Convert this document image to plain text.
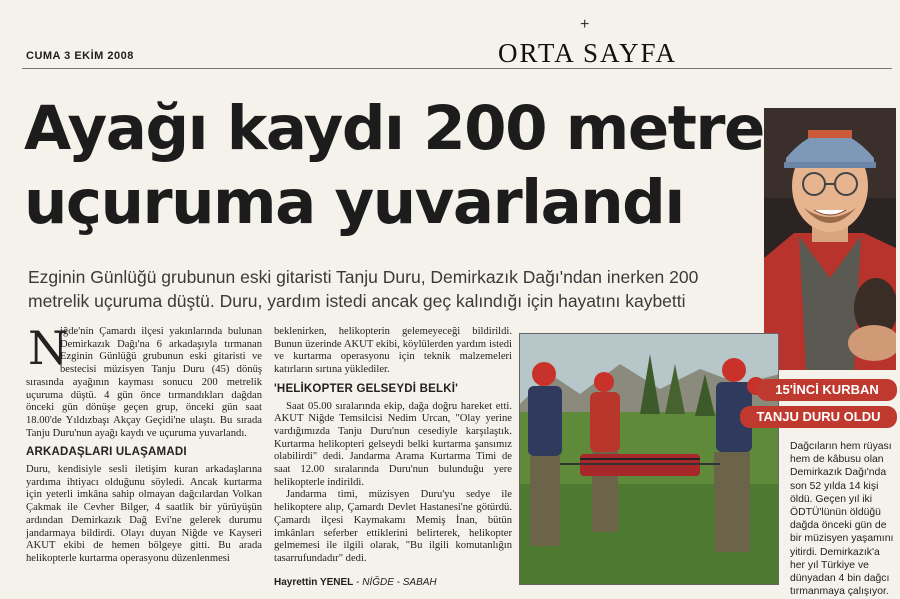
CUMA 3 EKİM 2008
+
ORTA SAYFA
Ayağı kaydı 200 metre
uçuruma yuvarlandı
Ezginin Günlüğü grubunun eski gitaristi Tanju Duru, Demirkazık Dağı'ndan inerken 200 metrelik uçuruma düştü. Duru, yardım istedi ancak geç kalındığı için hayatını kaybetti
N

iğde'nin Çamardı ilçesi yakınlarında bulunan Demirkazık Dağı'na 6 arkadaşıyla tırmanan Ezginin Günlüğü grubunun eski gitaristi ve bestecisi müzisyen Tanju Duru (45) dönüş sırasında ayağının kayması sonucu 200 metrelik uçuruma düştü. 4 gün önce tırmandıkları dağdan önceki gün dönüşe geçen grup, önceki gün saat 18.00'de Yıldızbaşı Akçay Geçidi'ne ulaştı. Bu sırada Tanju Duru'nun ayağı kaydı ve uçuruma yuvarlandı.

ARKADAŞLARI ULAŞAMADI

Duru, kendisiyle sesli iletişim kuran arkadaşlarına yardıma ihtiyacı olduğunu söyledi. Ancak kurtarma için yeterli imkâna sahip olmayan dağcılardan Volkan Çakmak ile Cevher Bilger, 4 saatlik bir yürüyüşün ardından Demirkazık Dağ Evi'ne gelerek durumu jandarmaya bildirdi. Olayı duyan Niğde ve Kayseri AKUT ekibi de hemen bölgeye gitti. Bu arada helikopterle kurtarma operasyonu düzenlenmesi

beklenirken, helikopterin gelemeyeceği bildirildi. Bunun üzerinde AKUT ekibi, köylülerden yardım istedi ve kurtarma operasyonu için teknik malzemeleri katırların sırtına yüklediler.

'HELİKOPTER GELSEYDİ BELKİ'

Saat 05.00 sıralarında ekip, dağa doğru hareket etti. AKUT Niğde Temsilcisi Nedim Urcan, "Olay yerine vardığımızda Tanju Duru'nun cesediyle karşılaştık. Kurtarma helikopteri gelseydi belki kurtarma şansımız olabilirdi" dedi. Jandarma Arama Kurtarma Timi de saat 12.00 sıralarında Duru'nun bulunduğu yere helikopterle indirildi.

Jandarma timi, müzisyen Duru'yu sedye ile helikoptere alıp, Çamardı Devlet Hastanesi'ne götürdü. Çamardı ilçesi Kaymakamı Memiş İnan, bütün imkânları seferber ettiklerini belirterek, helikopter gelmemesi ile ilgili olarak, "Bu ilgili komutanlığın tasarrufundadır" dedi.

Hayrettin YENEL - NİĞDE - SABAH
15'İNCİ KURBAN
TANJU DURU OLDU
Dağcıların hem rüyası hem de kâbusu olan Demirkazık Dağı'nda son 52 yılda 14 kişi öldü. Geçen yıl iki ÖDTÜ'lünün öldüğü dağda önceki gün de bir müzisyen yaşamını yitirdi. Demirkazık'a her yıl Türkiye ve dünyadan 4 bin dağcı tırmanmaya çalışıyor.
